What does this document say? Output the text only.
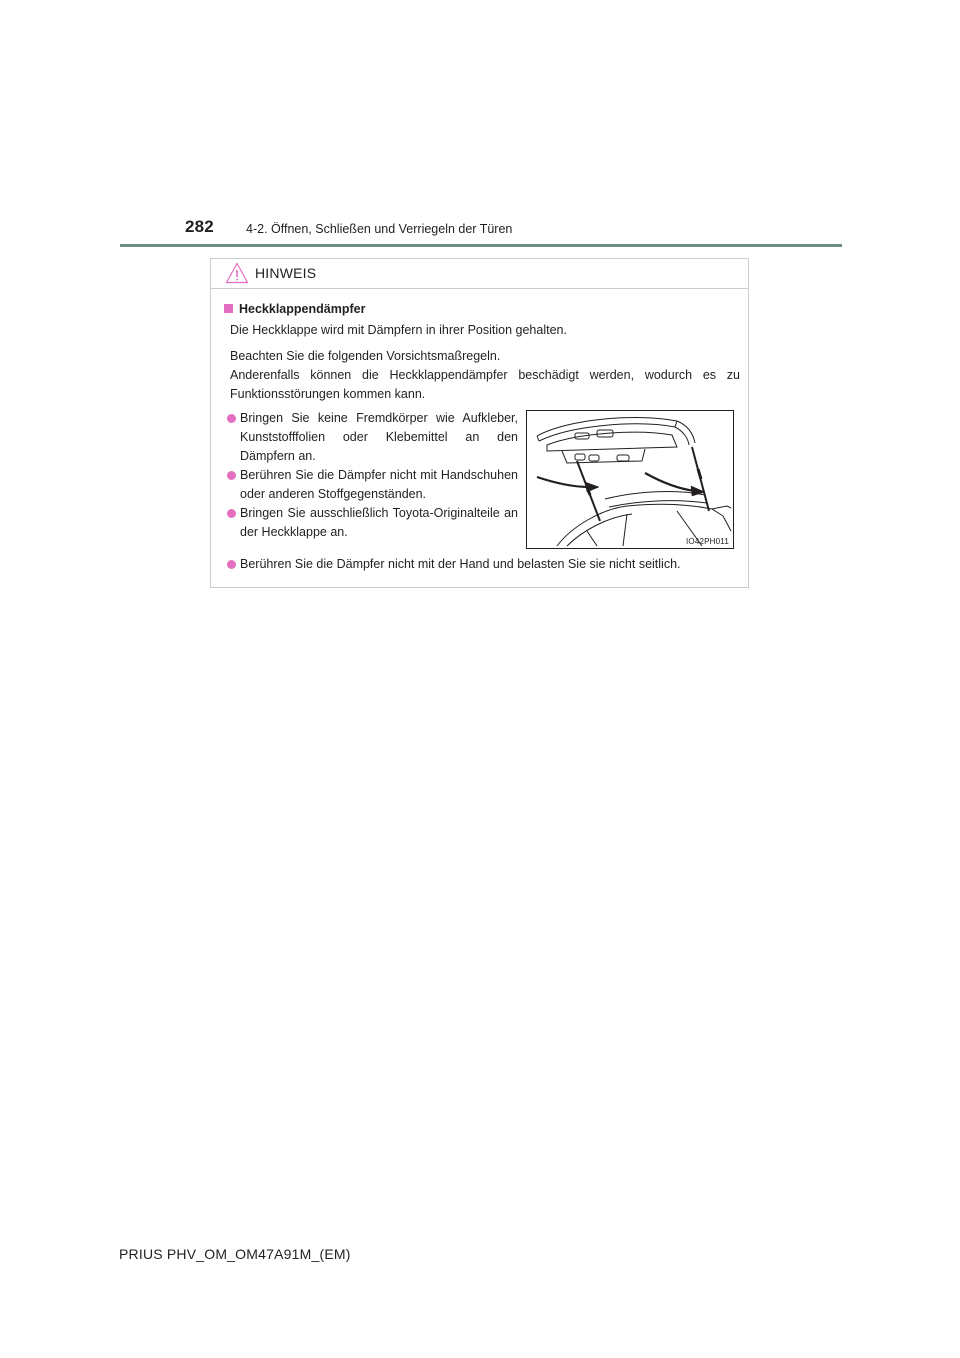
282	4-2. Öffnen, Schließen und Verriegeln der Türen
HINWEIS
Heckklappendämpfer
Die Heckklappe wird mit Dämpfern in ihrer Position gehalten.
Beachten Sie die folgenden Vorsichtsmaßregeln.
Anderenfalls können die Heckklappendämpfer beschädigt werden, wodurch es zu Funktionsstörungen kommen kann.
Bringen Sie keine Fremdkörper wie Aufkleber, Kunststofffolien oder Klebemittel an den Dämpfern an.
Berühren Sie die Dämpfer nicht mit Handschuhen oder anderen Stoffgegenständen.
Bringen Sie ausschließlich Toyota-Originalteile an der Heckklappe an.
Berühren Sie die Dämpfer nicht mit der Hand und belasten Sie sie nicht seitlich.
IO42PH011
PRIUS PHV_OM_OM47A91M_(EM)
